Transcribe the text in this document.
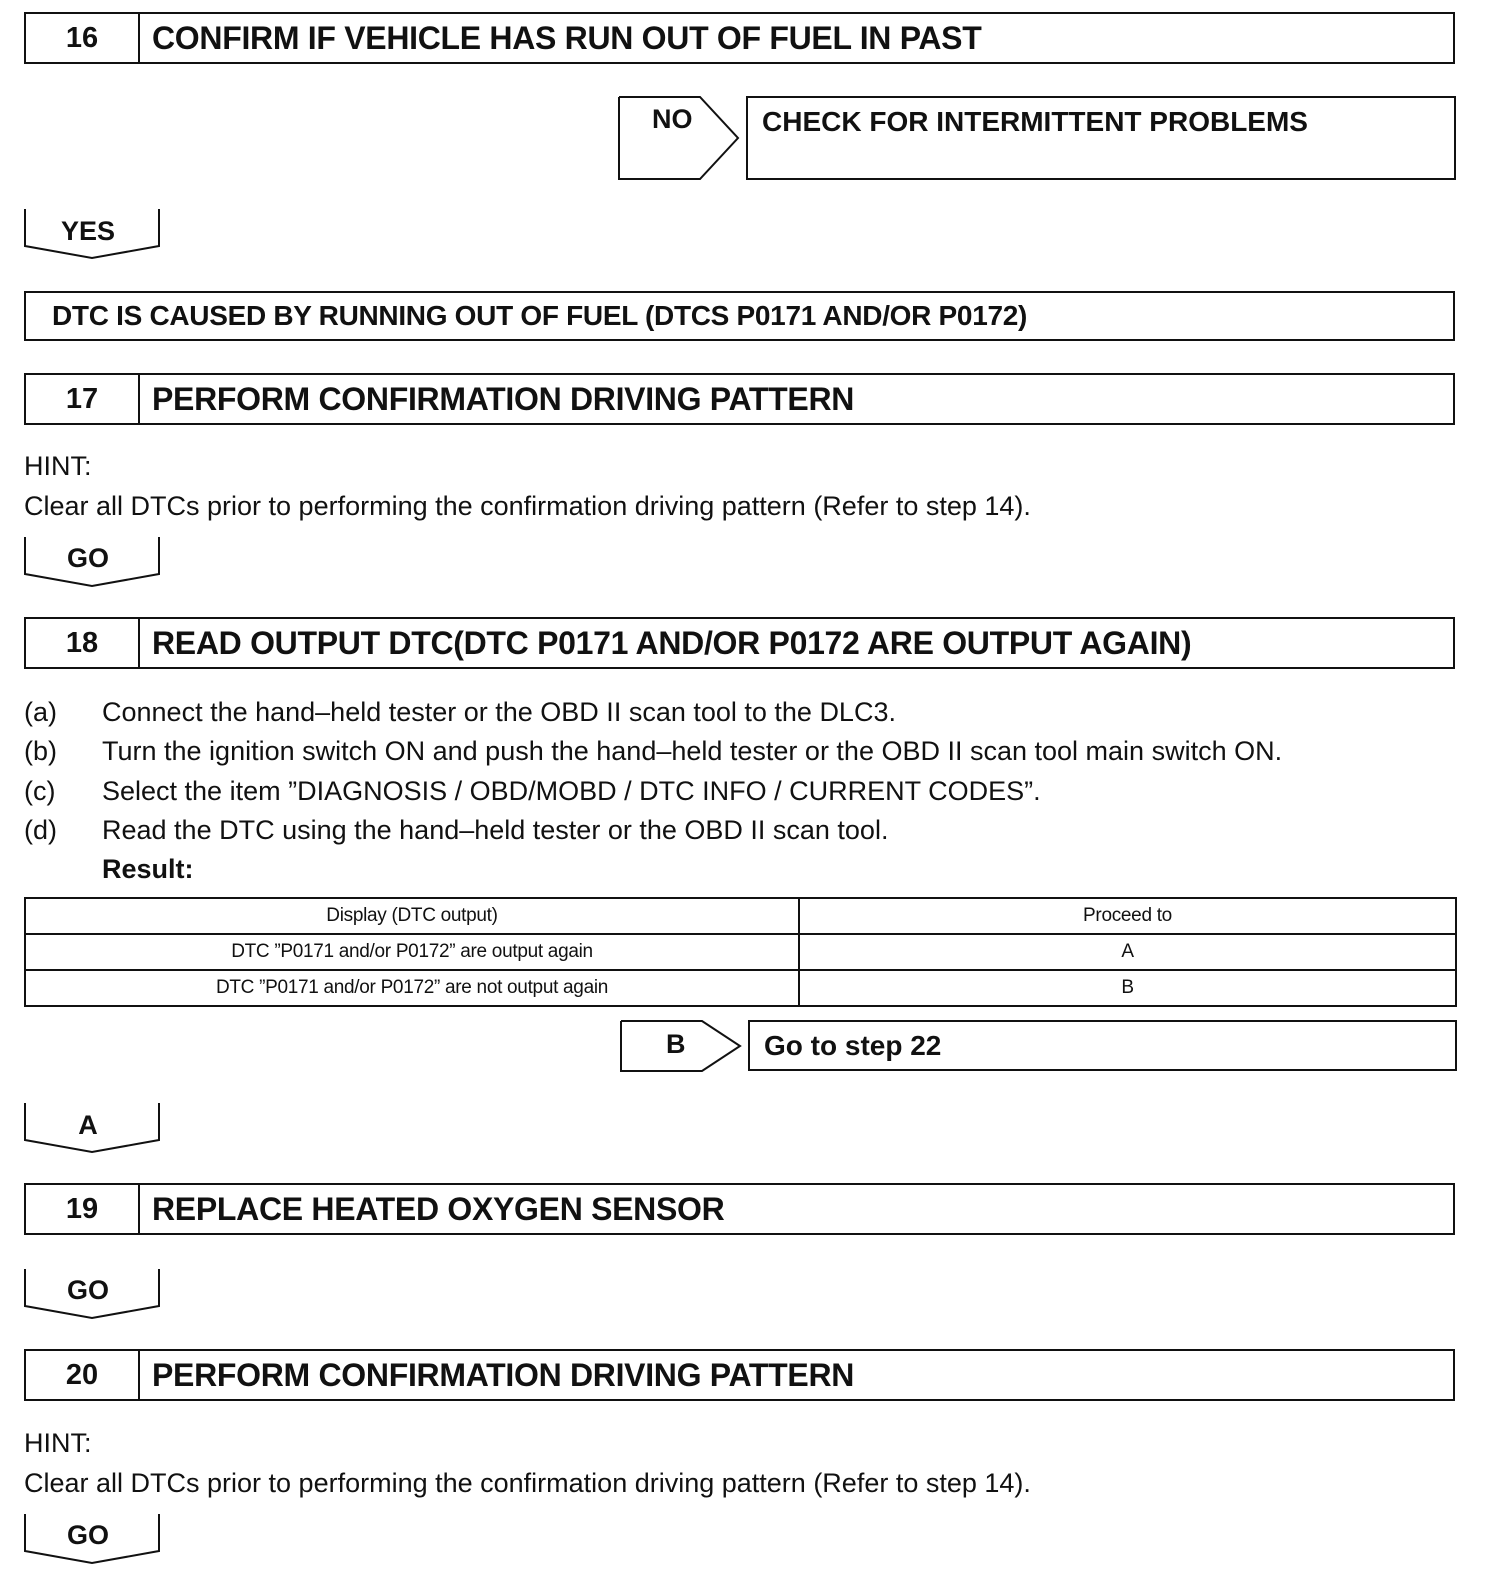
16	CONFIRM IF VEHICLE HAS RUN OUT OF FUEL IN PAST
NO	CHECK FOR INTERMITTENT PROBLEMS
YES
DTC IS CAUSED BY RUNNING OUT OF FUEL (DTCS P0171 AND/OR P0172)
17	PERFORM CONFIRMATION DRIVING PATTERN
HINT:
Clear all DTCs prior to performing the confirmation driving pattern (Refer to step 14).
GO
18	READ OUTPUT DTC(DTC P0171 AND/OR P0172 ARE OUTPUT AGAIN)
(a) Connect the hand–held tester or the OBD II scan tool to the DLC3.
(b) Turn the ignition switch ON and push the hand–held tester or the OBD II scan tool main switch ON.
(c) Select the item ”DIAGNOSIS / OBD/MOBD / DTC INFO / CURRENT CODES”.
(d) Read the DTC using the hand–held tester or the OBD II scan tool.
Result:
Display (DTC output)	Proceed to
DTC ”P0171 and/or P0172” are output again	A
DTC ”P0171 and/or P0172” are not output again	B
B	Go to step 22
A
19	REPLACE HEATED OXYGEN SENSOR
GO
20	PERFORM CONFIRMATION DRIVING PATTERN
HINT:
Clear all DTCs prior to performing the confirmation driving pattern (Refer to step 14).
GO
